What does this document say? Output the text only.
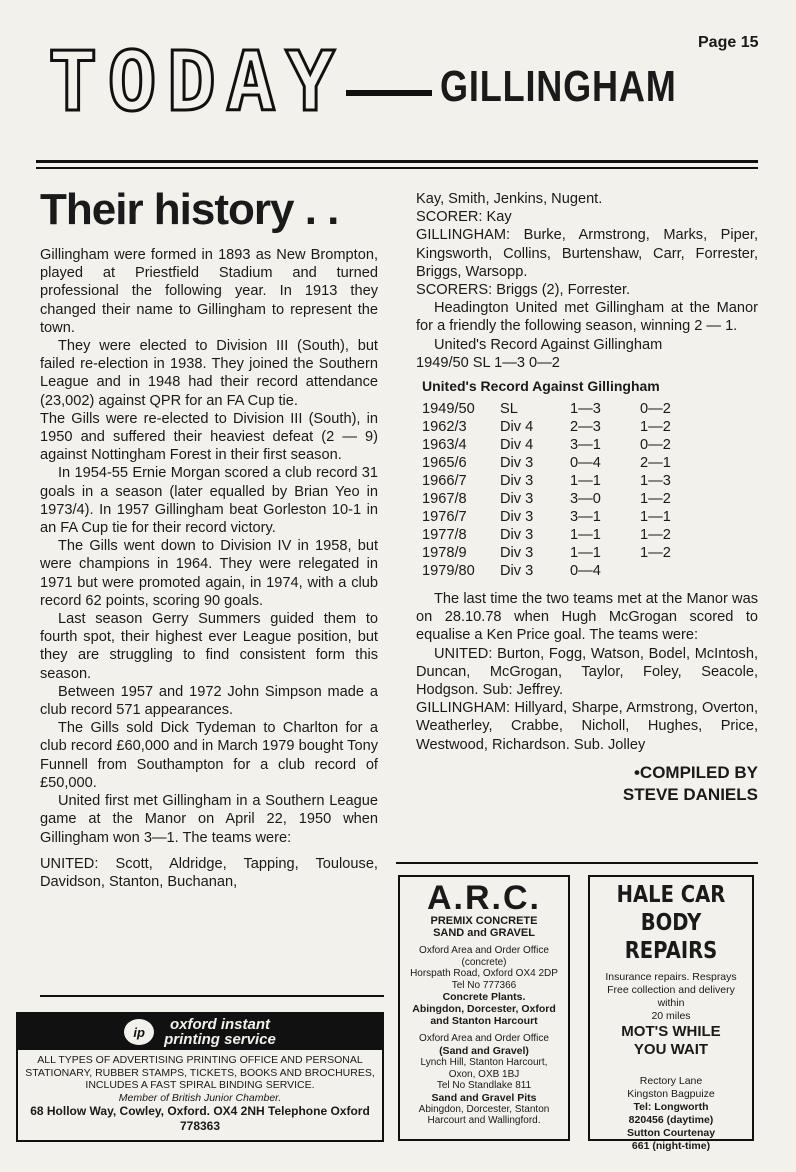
Page 15
TODAY GILLINGHAM
Their history . .

Gillingham were formed in 1893 as New Brompton, played at Priestfield Stadium and turned professional the following year. In 1913 they changed their name to Gillingham to represent the town.

They were elected to Division III (South), but failed re-election in 1938. They joined the Southern League and in 1948 had their record attendance (23,002) against QPR for an FA Cup tie.

The Gills were re-elected to Division III (South), in 1950 and suffered their heaviest defeat (2 — 9) against Nottingham Forest in their first season.

In 1954-55 Ernie Morgan scored a club record 31 goals in a season (later equalled by Brian Yeo in 1973/4). In 1957 Gillingham beat Gorleston 10-1 in an FA Cup tie for their record victory.

The Gills went down to Division IV in 1958, but were champions in 1964. They were relegated in 1971 but were promoted again, in 1974, with a club record 62 points, scoring 90 goals.

Last season Gerry Summers guided them to fourth spot, their highest ever League position, but they are struggling to find consistent form this season.

Between 1957 and 1972 John Simpson made a club record 571 appearances.

The Gills sold Dick Tydeman to Charlton for a club record £60,000 and in March 1979 bought Tony Funnell from Southampton for a club record of £50,000.

United first met Gillingham in a Southern League game at the Manor on April 22, 1950 when Gillingham won 3—1. The teams were:

UNITED: Scott, Aldridge, Tapping, Toulouse, Davidson, Stanton, Buchanan,

Kay, Smith, Jenkins, Nugent.

SCORER: Kay

GILLINGHAM: Burke, Armstrong, Marks, Piper, Kingsworth, Collins, Burtenshaw, Carr, Forrester, Briggs, Warsopp.

SCORERS: Briggs (2), Forrester.

Headington United met Gillingham at the Manor for a friendly the following season, winning 2 — 1.

United's Record Against Gillingham

1949/50 SL 1—3 0—2

United's Record Against Gillingham
1949/50	SL	1—3	0—2
1962/3	Div 4	2—3	1—2
1963/4	Div 4	3—1	0—2
1965/6	Div 3	0—4	2—1
1966/7	Div 3	1—1	1—3
1967/8	Div 3	3—0	1—2
1976/7	Div 3	3—1	1—1
1977/8	Div 3	1—1	1—2
1978/9	Div 3	1—1	1—2
1979/80	Div 3	0—4	

The last time the two teams met at the Manor was on 28.10.78 when Hugh McGrogan scored to equalise a Ken Price goal. The teams were:

UNITED: Burton, Fogg, Watson, Bodel, McIntosh, Duncan, McGrogan, Taylor, Foley, Seacole, Hodgson. Sub: Jeffrey.

GILLINGHAM: Hillyard, Sharpe, Armstrong, Overton, Weatherley, Crabbe, Nicholl, Hughes, Price, Westwood, Richardson. Sub. Jolley

•COMPILED BY
STEVE DANIELS
A.R.C.
PREMIX CONCRETE
SAND and GRAVEL
Oxford Area and Order Office
(concrete)
Horspath Road, Oxford OX4 2DP
Tel No 777366
Concrete Plants.
Abingdon, Dorcester, Oxford and Stanton Harcourt
Oxford Area and Order Office
(Sand and Gravel)
Lynch Hill, Stanton Harcourt,
Oxon, OXB 1BJ
Tel No Standlake 811
Sand and Gravel Pits
Abingdon, Dorcester, Stanton
Harcourt and Wallingford.
HALE CAR
BODY REPAIRS
Insurance repairs. Resprays
Free collection and delivery within
20 miles
MOT'S WHILE
YOU WAIT
Rectory Lane
Kingston Bagpuize
Tel: Longworth
820456 (daytime)
Sutton Courtenay
661 (night-time)
ip	oxford instant
printing service
ALL TYPES OF ADVERTISING PRINTING OFFICE AND PERSONAL STATIONARY, RUBBER STAMPS, TICKETS, BOOKS AND BROCHURES, INCLUDES A FAST SPIRAL BINDING SERVICE.
Member of British Junior Chamber.
68 Hollow Way, Cowley, Oxford. OX4 2NH Telephone Oxford 778363
